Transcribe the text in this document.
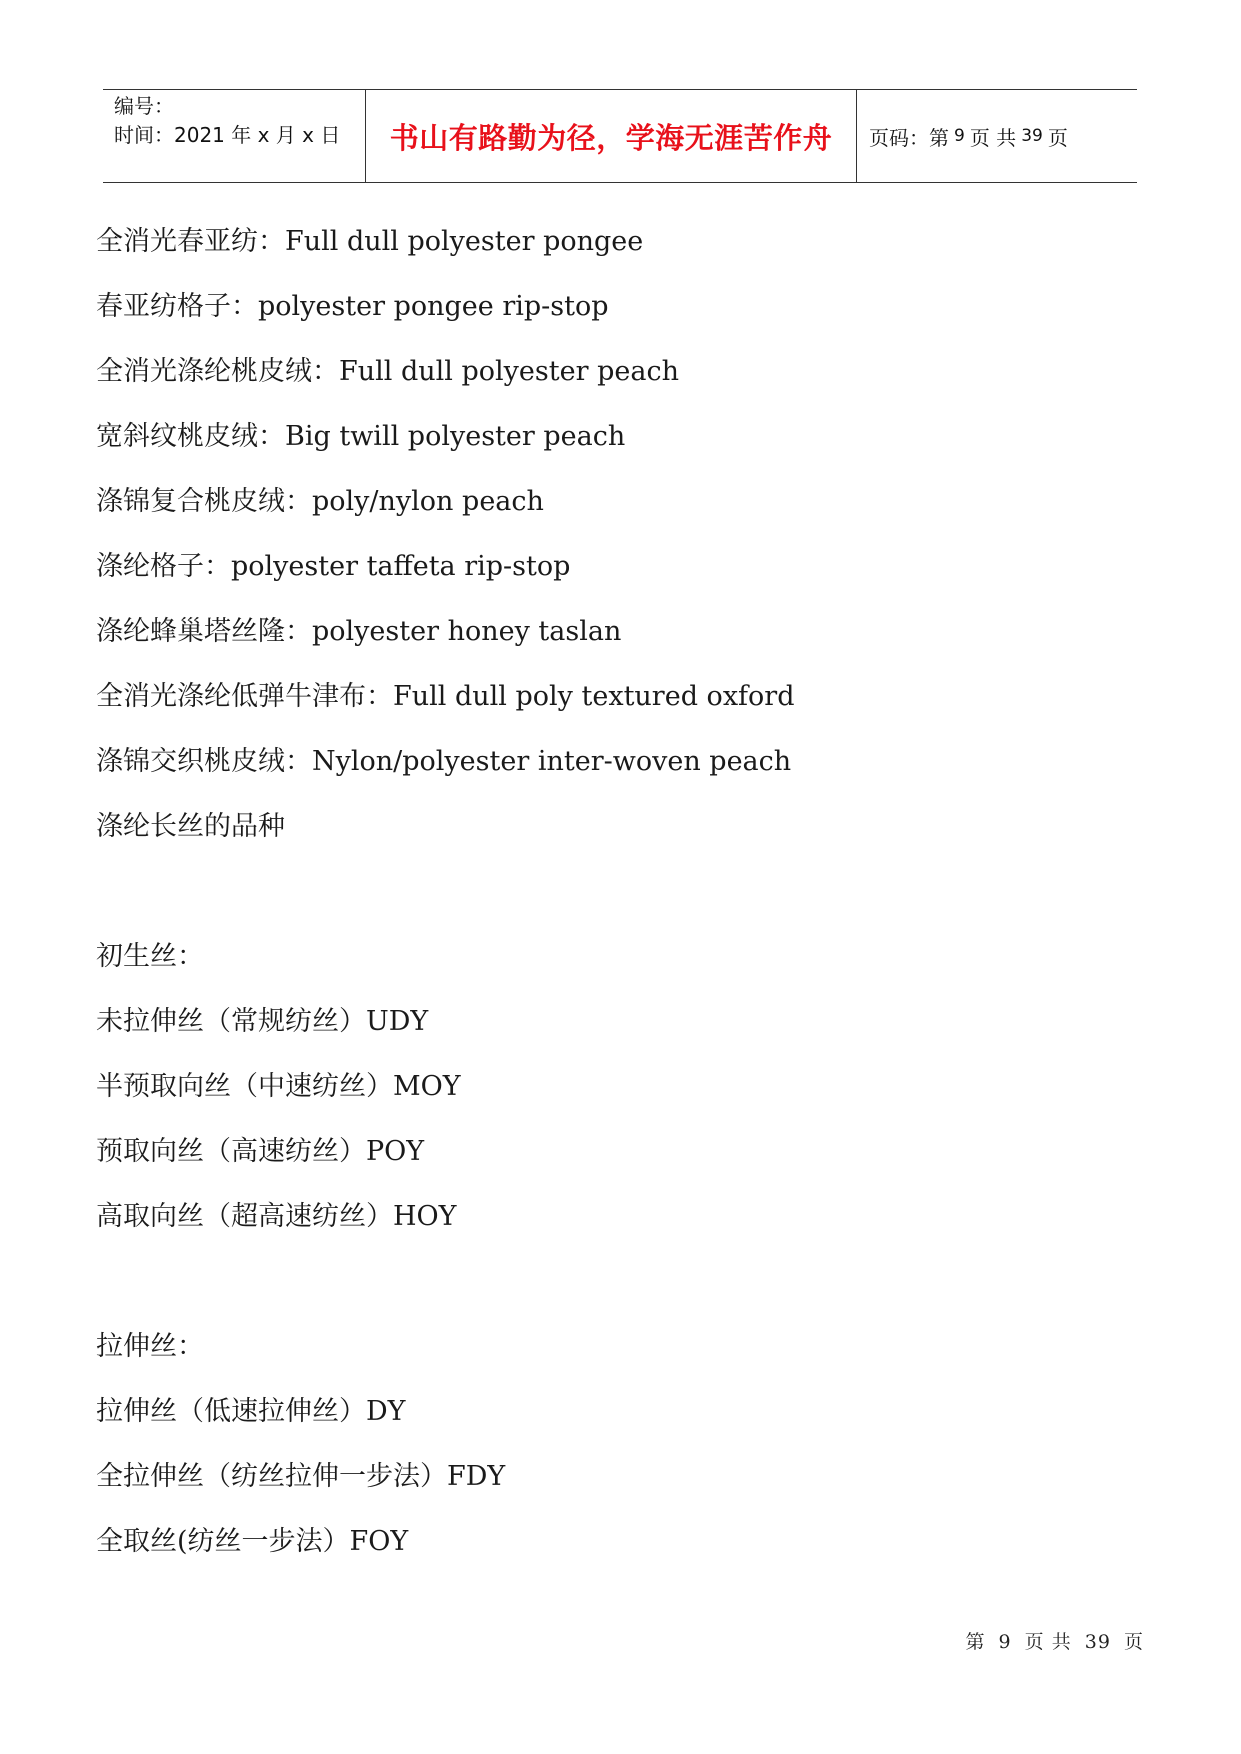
编号：
时间：2021 年 x 月 x 日	书山有路勤为径，学海无涯苦作舟	页码：第 9 页 共 39 页
全消光春亚纺：Full dull polyester pongee
春亚纺格子：polyester pongee rip-stop
全消光涤纶桃皮绒：Full dull polyester peach
宽斜纹桃皮绒：Big twill polyester peach
涤锦复合桃皮绒：poly/nylon peach
涤纶格子：polyester taffeta rip-stop
涤纶蜂巢塔丝隆：polyester honey taslan
全消光涤纶低弹牛津布：Full dull poly textured oxford
涤锦交织桃皮绒：Nylon/polyester inter-woven peach
涤纶长丝的品种
初生丝：
未拉伸丝（常规纺丝）UDY
半预取向丝（中速纺丝）MOY
预取向丝（高速纺丝）POY
高取向丝（超高速纺丝）HOY
拉伸丝：
拉伸丝（低速拉伸丝）DY
全拉伸丝（纺丝拉伸一步法）FDY
全取丝(纺丝一步法）FOY
第 9 页 共 39 页
